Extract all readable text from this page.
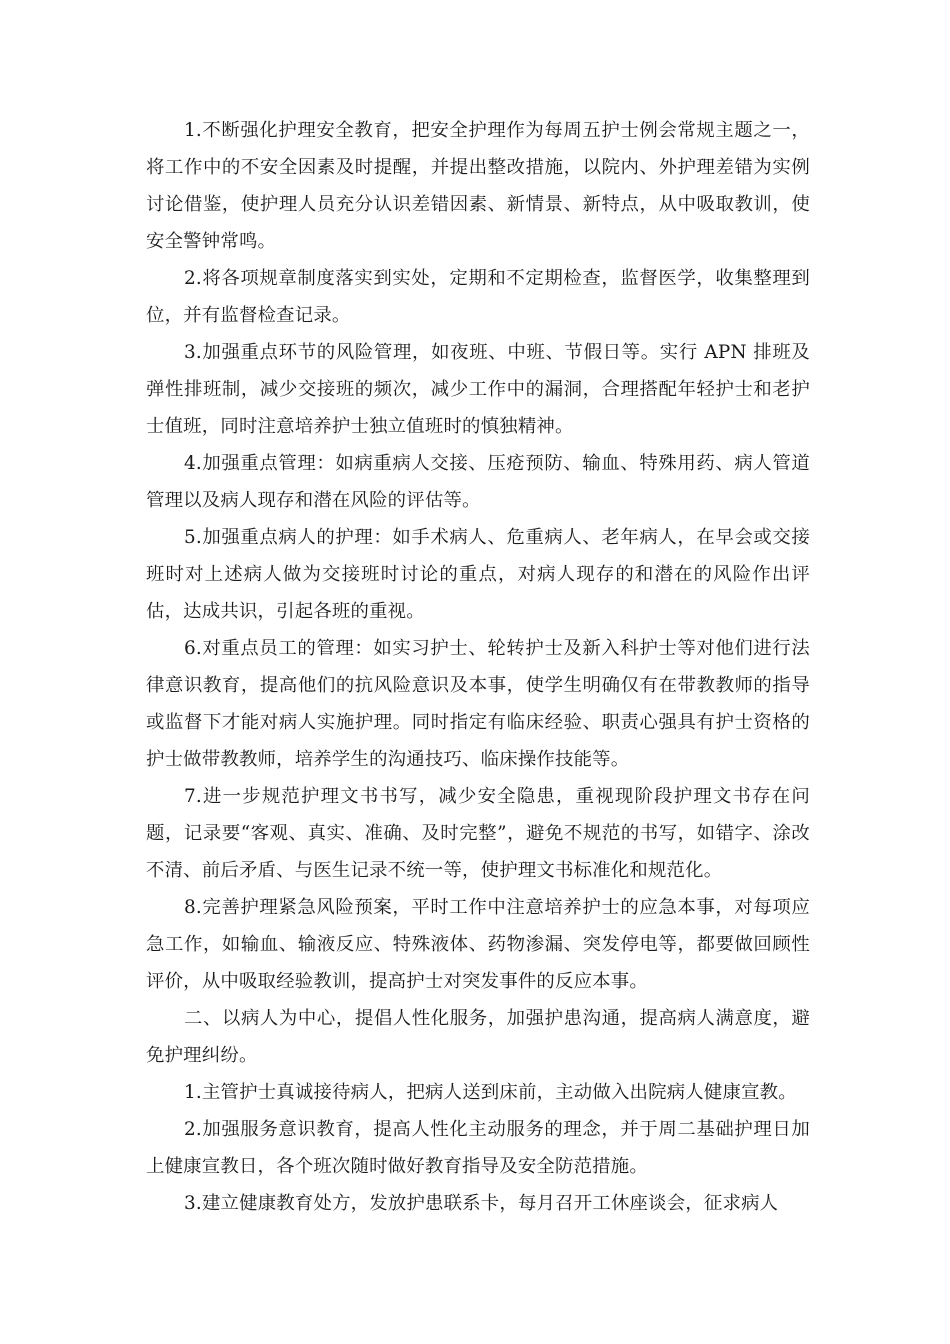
1.不断强化护理安全教育，把安全护理作为每周五护士例会常规主题之一，将工作中的不安全因素及时提醒，并提出整改措施，以院内、外护理差错为实例讨论借鉴，使护理人员充分认识差错因素、新情景、新特点，从中吸取教训，使安全警钟常鸣。

2.将各项规章制度落实到实处，定期和不定期检查，监督医学，收集整理到位，并有监督检查记录。

3.加强重点环节的风险管理，如夜班、中班、节假日等。实行 APN 排班及弹性排班制，减少交接班的频次，减少工作中的漏洞，合理搭配年轻护士和老护士值班，同时注意培养护士独立值班时的慎独精神。

4.加强重点管理：如病重病人交接、压疮预防、输血、特殊用药、病人管道管理以及病人现存和潜在风险的评估等。

5.加强重点病人的护理：如手术病人、危重病人、老年病人，在早会或交接班时对上述病人做为交接班时讨论的重点，对病人现存的和潜在的风险作出评估，达成共识，引起各班的重视。

6.对重点员工的管理：如实习护士、轮转护士及新入科护士等对他们进行法律意识教育，提高他们的抗风险意识及本事，使学生明确仅有在带教教师的指导或监督下才能对病人实施护理。同时指定有临床经验、职责心强具有护士资格的护士做带教教师，培养学生的沟通技巧、临床操作技能等。

7.进一步规范护理文书书写，减少安全隐患，重视现阶段护理文书存在问题，记录要“客观、真实、准确、及时完整”，避免不规范的书写，如错字、涂改不清、前后矛盾、与医生记录不统一等，使护理文书标准化和规范化。

8.完善护理紧急风险预案，平时工作中注意培养护士的应急本事，对每项应急工作，如输血、输液反应、特殊液体、药物渗漏、突发停电等，都要做回顾性评价，从中吸取经验教训，提高护士对突发事件的反应本事。

二、以病人为中心，提倡人性化服务，加强护患沟通，提高病人满意度，避免护理纠纷。

1.主管护士真诚接待病人，把病人送到床前，主动做入出院病人健康宣教。

2.加强服务意识教育，提高人性化主动服务的理念，并于周二基础护理日加上健康宣教日，各个班次随时做好教育指导及安全防范措施。

3.建立健康教育处方，发放护患联系卡，每月召开工休座谈会，征求病人
